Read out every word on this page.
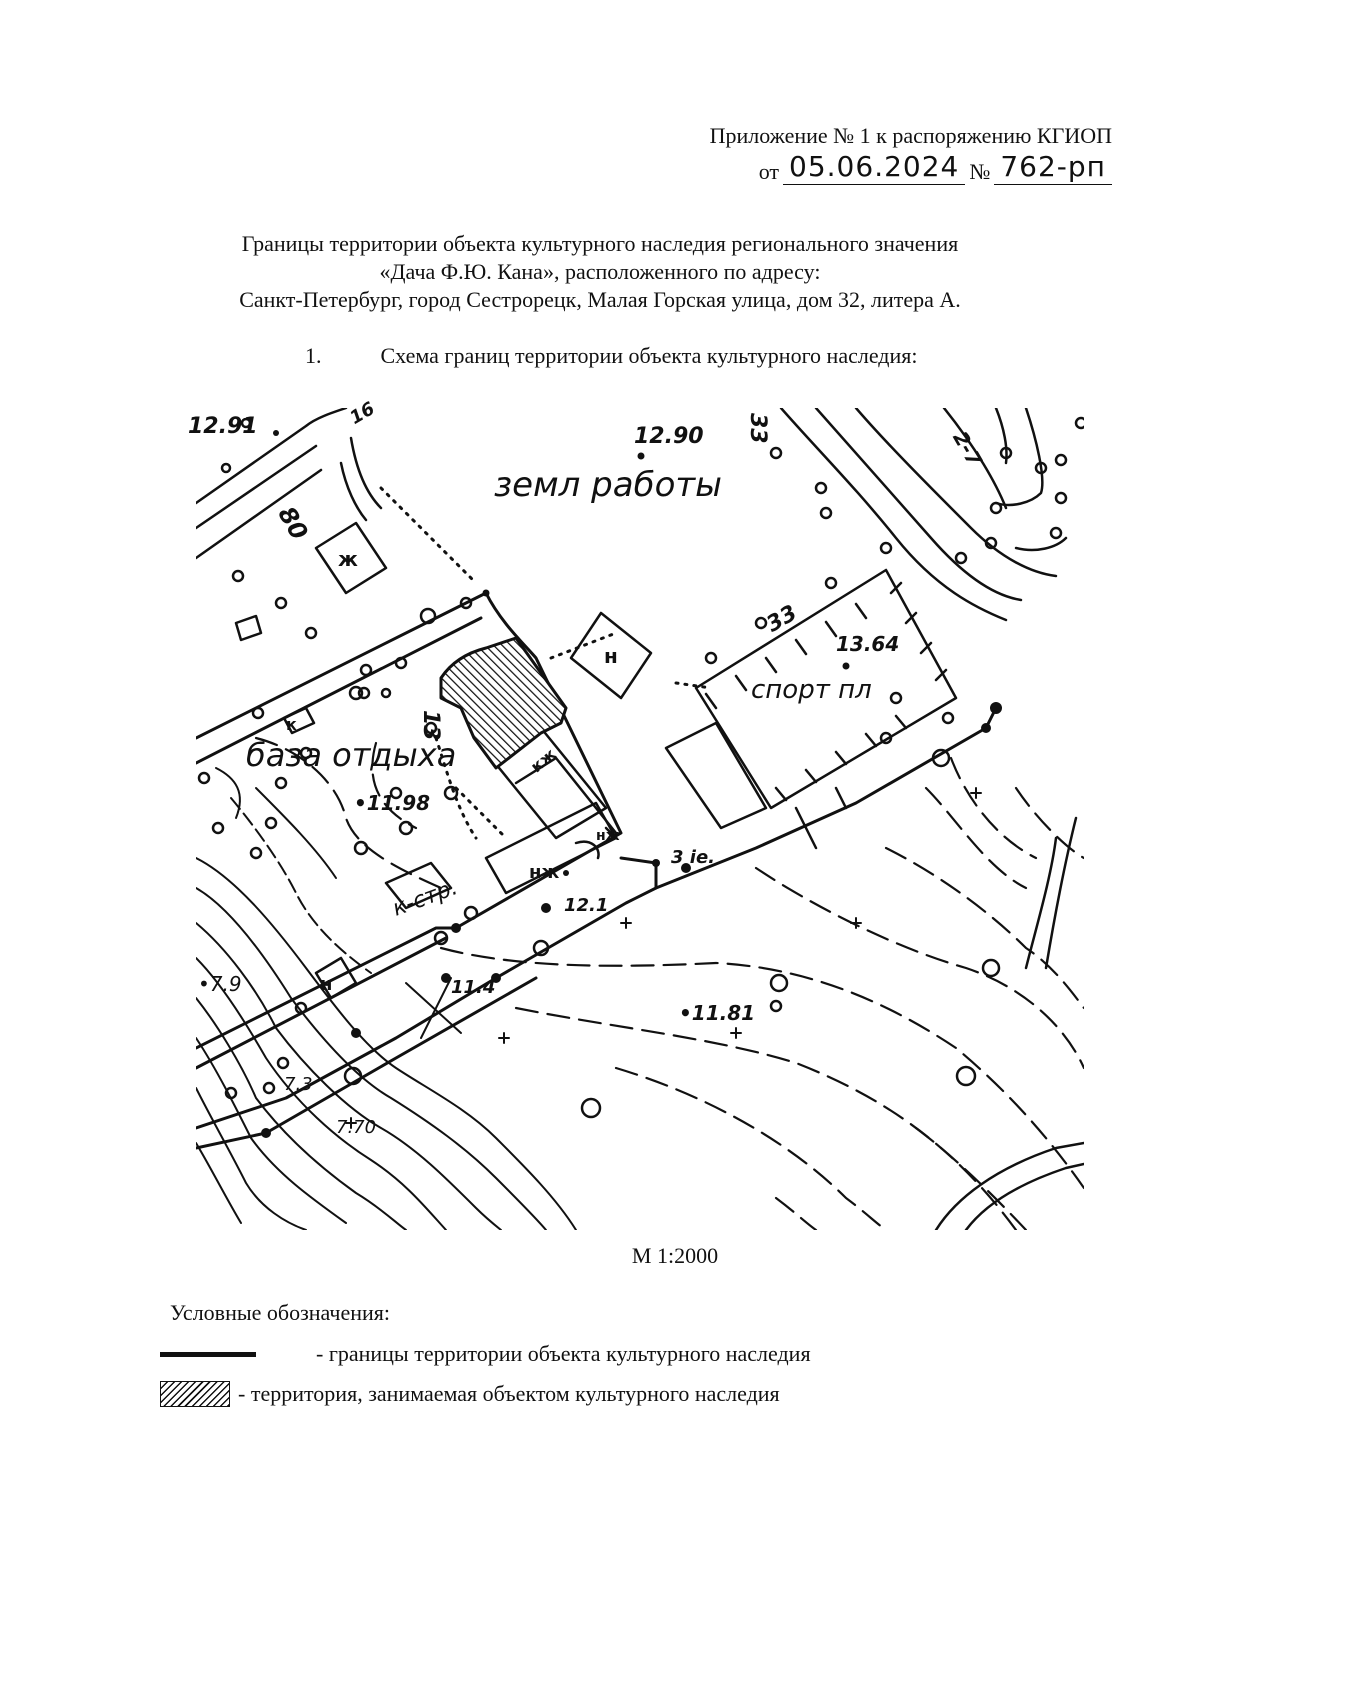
Приложение № 1 к распоряжению КГИОП
от 05.06.2024 № 762-рп
Границы территории объекта культурного наследия регионального значения
«Дача Ф.Ю. Кана», расположенного по адресу:
Санкт-Петербург, город Сестрорецк, Малая Горская улица, дом 32, литера А.
1.	Схема границ территории объекта культурного наследия:
12.91	12.90
земл работы
13.64
спорт пл
база отдыха
•11.98
к-стр.	12.1
11.4
•11.81
•7.9
7.3
7.70
16	33
33
80
13
2-7
ж
н
к
нж
кж
н
3 ie.
нж
М 1:2000
Условные обозначения:
- границы территории объекта культурного наследия
- территория, занимаемая объектом культурного наследия
